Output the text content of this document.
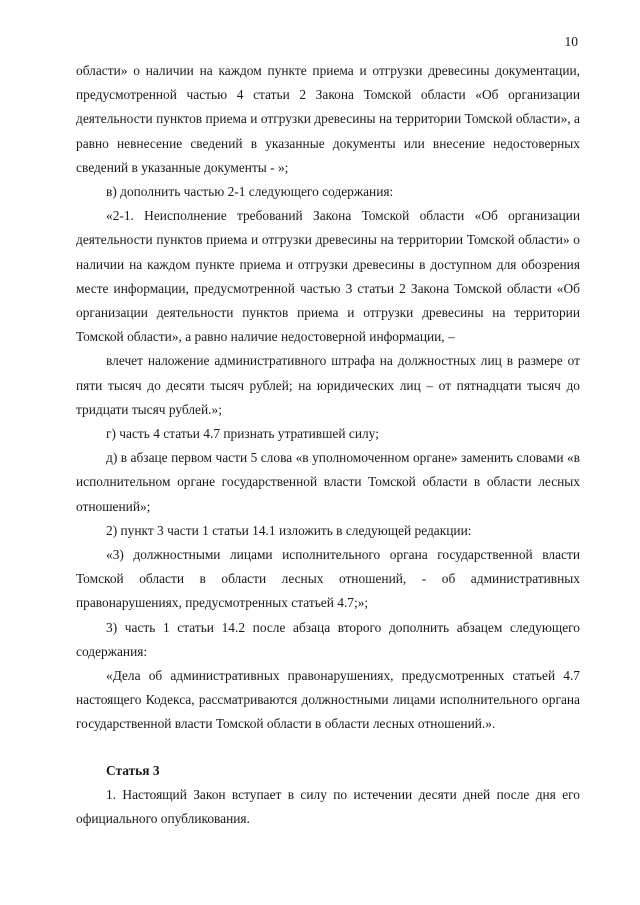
10

области» о наличии на каждом пункте приема и отгрузки древесины документации, предусмотренной частью 4 статьи 2 Закона Томской области «Об организации деятельности пунктов приема и отгрузки древесины на территории Томской области», а равно невнесение сведений в указанные документы или внесение недостоверных сведений в указанные документы - »;

в) дополнить частью 2-1 следующего содержания:

«2-1. Неисполнение требований Закона Томской области «Об организации деятельности пунктов приема и отгрузки древесины на территории Томской области» о наличии на каждом пункте приема и отгрузки древесины в доступном для обозрения месте информации, предусмотренной частью 3 статьи 2 Закона Томской области «Об организации деятельности пунктов приема и отгрузки древесины на территории Томской области», а равно наличие недостоверной информации, –

влечет наложение административного штрафа на должностных лиц в размере от пяти тысяч до десяти тысяч рублей; на юридических лиц – от пятнадцати тысяч до тридцати тысяч рублей.»;

г) часть 4 статьи 4.7 признать утратившей силу;

д) в абзаце первом части 5 слова «в уполномоченном органе» заменить словами «в исполнительном органе государственной власти Томской области в области лесных отношений»;

2) пункт 3 части 1 статьи 14.1 изложить в следующей редакции:

«3) должностными лицами исполнительного органа государственной власти Томской области в области лесных отношений, - об административных правонарушениях, предусмотренных статьей 4.7;»;

3) часть 1 статьи 14.2 после абзаца второго дополнить абзацем следующего содержания:

«Дела об административных правонарушениях, предусмотренных статьей 4.7 настоящего Кодекса, рассматриваются должностными лицами исполнительного органа государственной власти Томской области в области лесных отношений.».

Статья 3

1. Настоящий Закон вступает в силу по истечении десяти дней после дня его официального опубликования.
